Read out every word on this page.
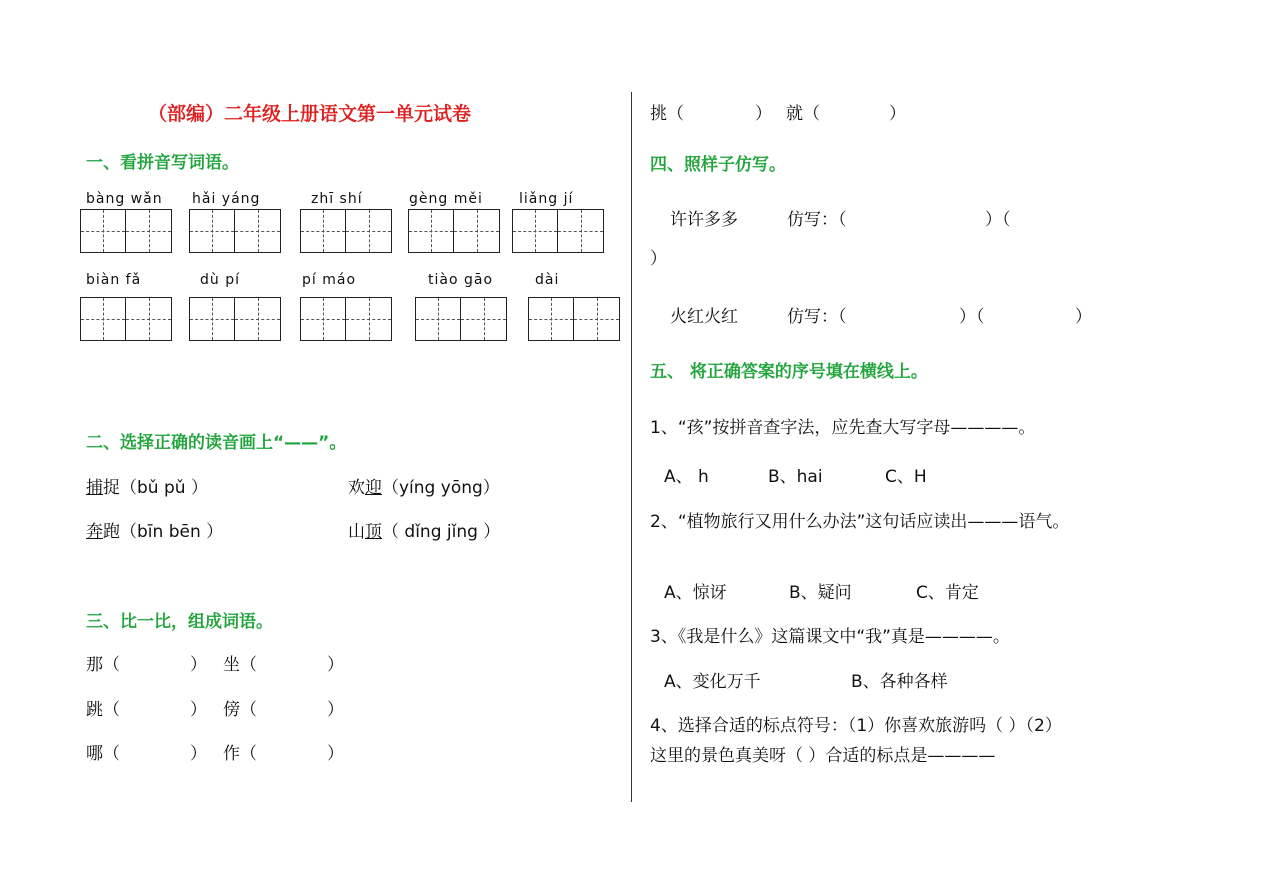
（部编）二年级上册语文第一单元试卷
一、看拼音写词语。
bàng wǎn hǎi yáng	zhī shí	gèng měi	liǎng jí
biàn fǎ	dù pí	pí máo	tiào gāo	dài
二、选择正确的读音画上“——”。
捕捉（bǔ pǔ ）	欢迎（yíng yōng）
奔跑（bīn bēn ）	山顶（ dǐng jǐng ）
三、比一比，组成词语。
那（	） 坐（	）
跳（	） 傍（	）
哪（	） 作（	）
挑（	） 就（	）
四、照样子仿写。
许许多多	仿写：（	）（
）
火红火红	仿写：（	）（	）
五、 将正确答案的序号填在横线上。
1、“孩”按拼音查字法，应先查大写字母————。
A、 h	B、hai	C、H
2、“植物旅行又用什么办法”这句话应读出———语气。
A、惊讶	B、疑问	C、肯定
3、《我是什么》这篇课文中“我”真是————。
A、变化万千	B、各种各样
4、选择合适的标点符号：（1）你喜欢旅游吗（ ）（2）
这里的景色真美呀（ ）合适的标点是————
